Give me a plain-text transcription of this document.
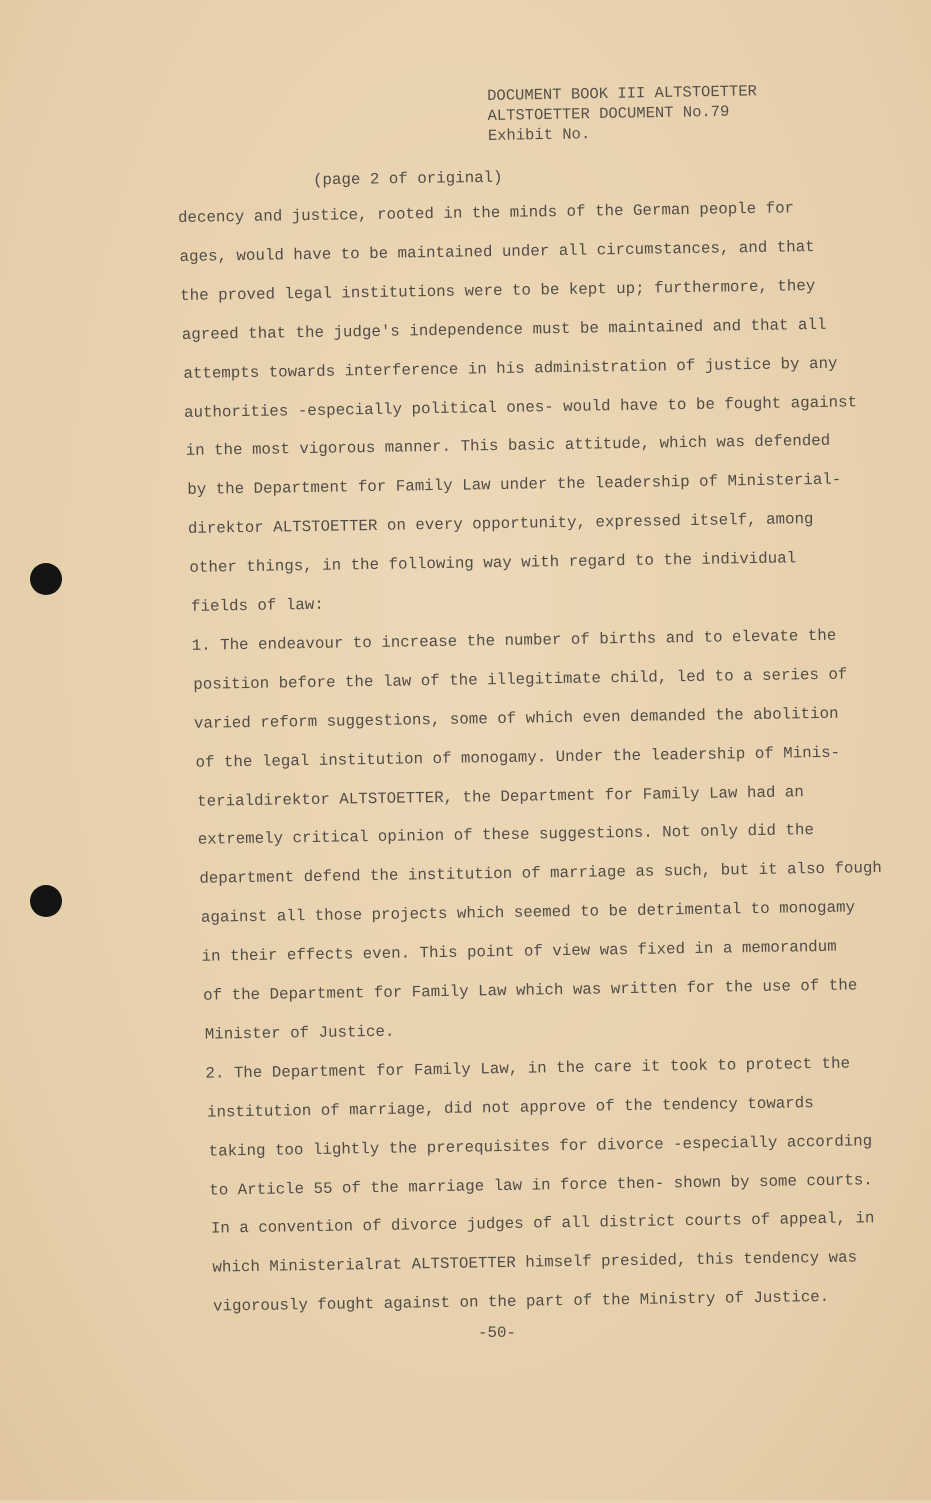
DOCUMENT BOOK III ALTSTOETTER
ALTSTOETTER DOCUMENT No.79
Exhibit No.
(page 2 of original)
decency and justice, rooted in the minds of the German people for
ages, would have to be maintained under all circumstances, and that
the proved legal institutions were to be kept up; furthermore, they
agreed that the judge's independence must be maintained and that all
attempts towards interference in his administration of justice by any
authorities -especially political ones- would have to be fought against
in the most vigorous manner. This basic attitude, which was defended
by the Department for Family Law under the leadership of Ministerial-
direktor ALTSTOETTER on every opportunity, expressed itself, among
other things, in the following way with regard to the individual
fields of law:
1. The endeavour to increase the number of births and to elevate the
position before the law of the illegitimate child, led to a series of
varied reform suggestions, some of which even demanded the abolition
of the legal institution of monogamy. Under the leadership of Minis-
terialdirektor ALTSTOETTER, the Department for Family Law had an
extremely critical opinion of these suggestions. Not only did the
department defend the institution of marriage as such, but it also fough
against all those projects which seemed to be detrimental to monogamy
in their effects even. This point of view was fixed in a memorandum
of the Department for Family Law which was written for the use of the
Minister of Justice.
2. The Department for Family Law, in the care it took to protect the
institution of marriage, did not approve of the tendency towards
taking too lightly the prerequisites for divorce -especially according
to Article 55 of the marriage law in force then- shown by some courts.
In a convention of divorce judges of all district courts of appeal, in
which Ministerialrat ALTSTOETTER himself presided, this tendency was
vigorously fought against on the part of the Ministry of Justice.
-50-
